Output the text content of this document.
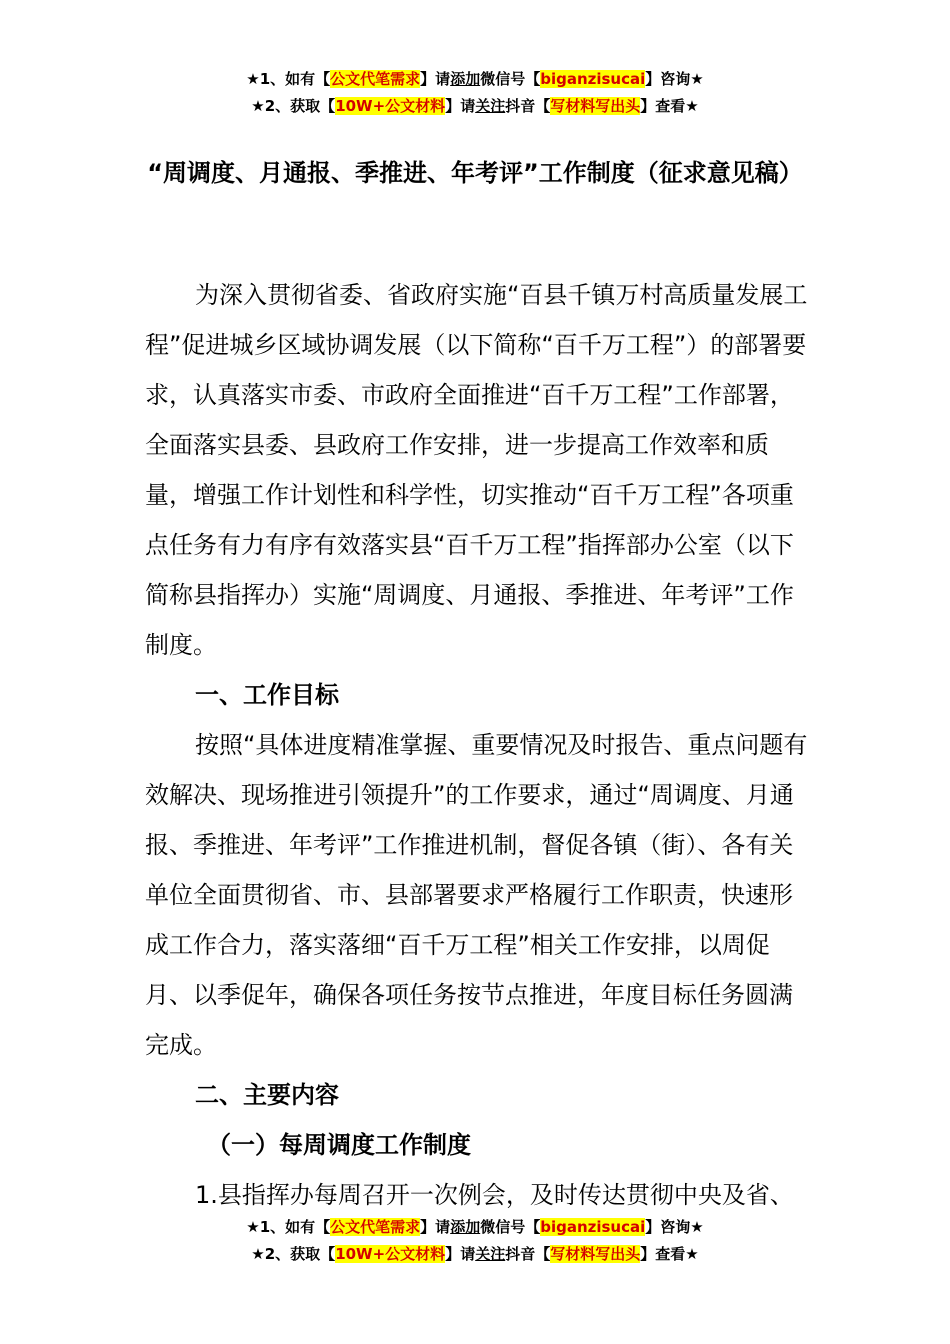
★1、如有【公文代笔需求】请添加微信号【biganzisucai】咨询★
★2、获取【10W+公文材料】请关注抖音【写材料写出头】查看★
“周调度、月通报、季推进、年考评”工作制度（征求意见稿）

为深入贯彻省委、省政府实施“百县千镇万村高质量发展工程”促进城乡区域协调发展（以下简称“百千万工程”）的部署要求，认真落实市委、市政府全面推进“百千万工程”工作部署，全面落实县委、县政府工作安排，进一步提高工作效率和质量，增强工作计划性和科学性，切实推动“百千万工程”各项重点任务有力有序有效落实县“百千万工程”指挥部办公室（以下简称县指挥办）实施“周调度、月通报、季推进、年考评”工作制度。

一、工作目标

按照“具体进度精准掌握、重要情况及时报告、重点问题有效解决、现场推进引领提升”的工作要求，通过“周调度、月通报、季推进、年考评”工作推进机制，督促各镇（街）、各有关单位全面贯彻省、市、县部署要求严格履行工作职责，快速形成工作合力，落实落细“百千万工程”相关工作安排，以周促月、以季促年，确保各项任务按节点推进，年度目标任务圆满完成。

二、主要内容

（一）每周调度工作制度

1.县指挥办每周召开一次例会，及时传达贯彻中央及省、

★1、如有【公文代笔需求】请添加微信号【biganzisucai】咨询★
★2、获取【10W+公文材料】请关注抖音【写材料写出头】查看★
